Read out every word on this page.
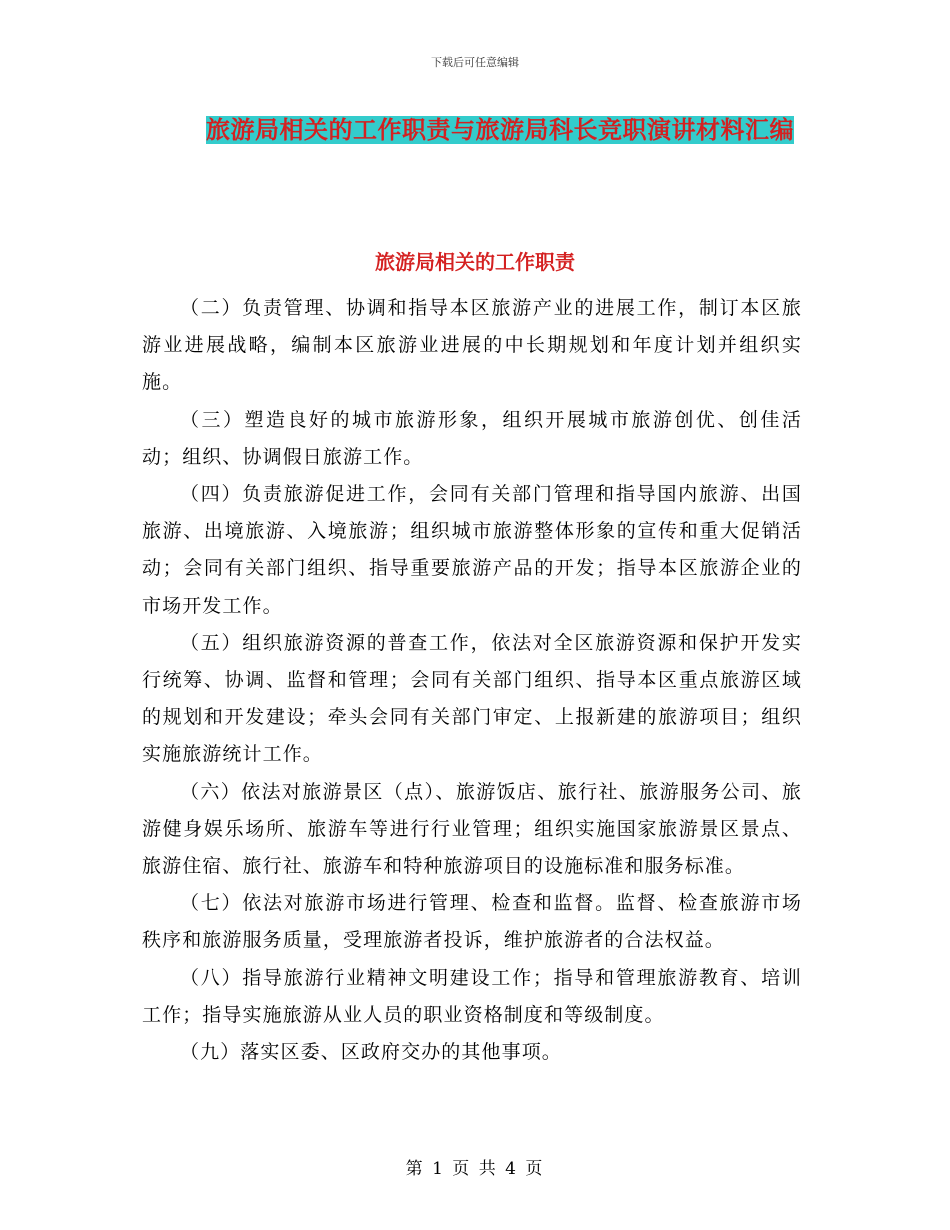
下载后可任意编辑
旅游局相关的工作职责与旅游局科长竞职演讲材料汇编
旅游局相关的工作职责

（二）负责管理、协调和指导本区旅游产业的进展工作，制订本区旅游业进展战略，编制本区旅游业进展的中长期规划和年度计划并组织实施。

（三）塑造良好的城市旅游形象，组织开展城市旅游创优、创佳活动；组织、协调假日旅游工作。

（四）负责旅游促进工作，会同有关部门管理和指导国内旅游、出国旅游、出境旅游、入境旅游；组织城市旅游整体形象的宣传和重大促销活动；会同有关部门组织、指导重要旅游产品的开发；指导本区旅游企业的市场开发工作。

（五）组织旅游资源的普查工作，依法对全区旅游资源和保护开发实行统筹、协调、监督和管理；会同有关部门组织、指导本区重点旅游区域的规划和开发建设；牵头会同有关部门审定、上报新建的旅游项目；组织实施旅游统计工作。

（六）依法对旅游景区（点）、旅游饭店、旅行社、旅游服务公司、旅游健身娱乐场所、旅游车等进行行业管理；组织实施国家旅游景区景点、旅游住宿、旅行社、旅游车和特种旅游项目的设施标准和服务标准。

（七）依法对旅游市场进行管理、检查和监督。监督、检查旅游市场秩序和旅游服务质量，受理旅游者投诉，维护旅游者的合法权益。

（八）指导旅游行业精神文明建设工作；指导和管理旅游教育、培训工作；指导实施旅游从业人员的职业资格制度和等级制度。

（九）落实区委、区政府交办的其他事项。

第 1 页 共 4 页
